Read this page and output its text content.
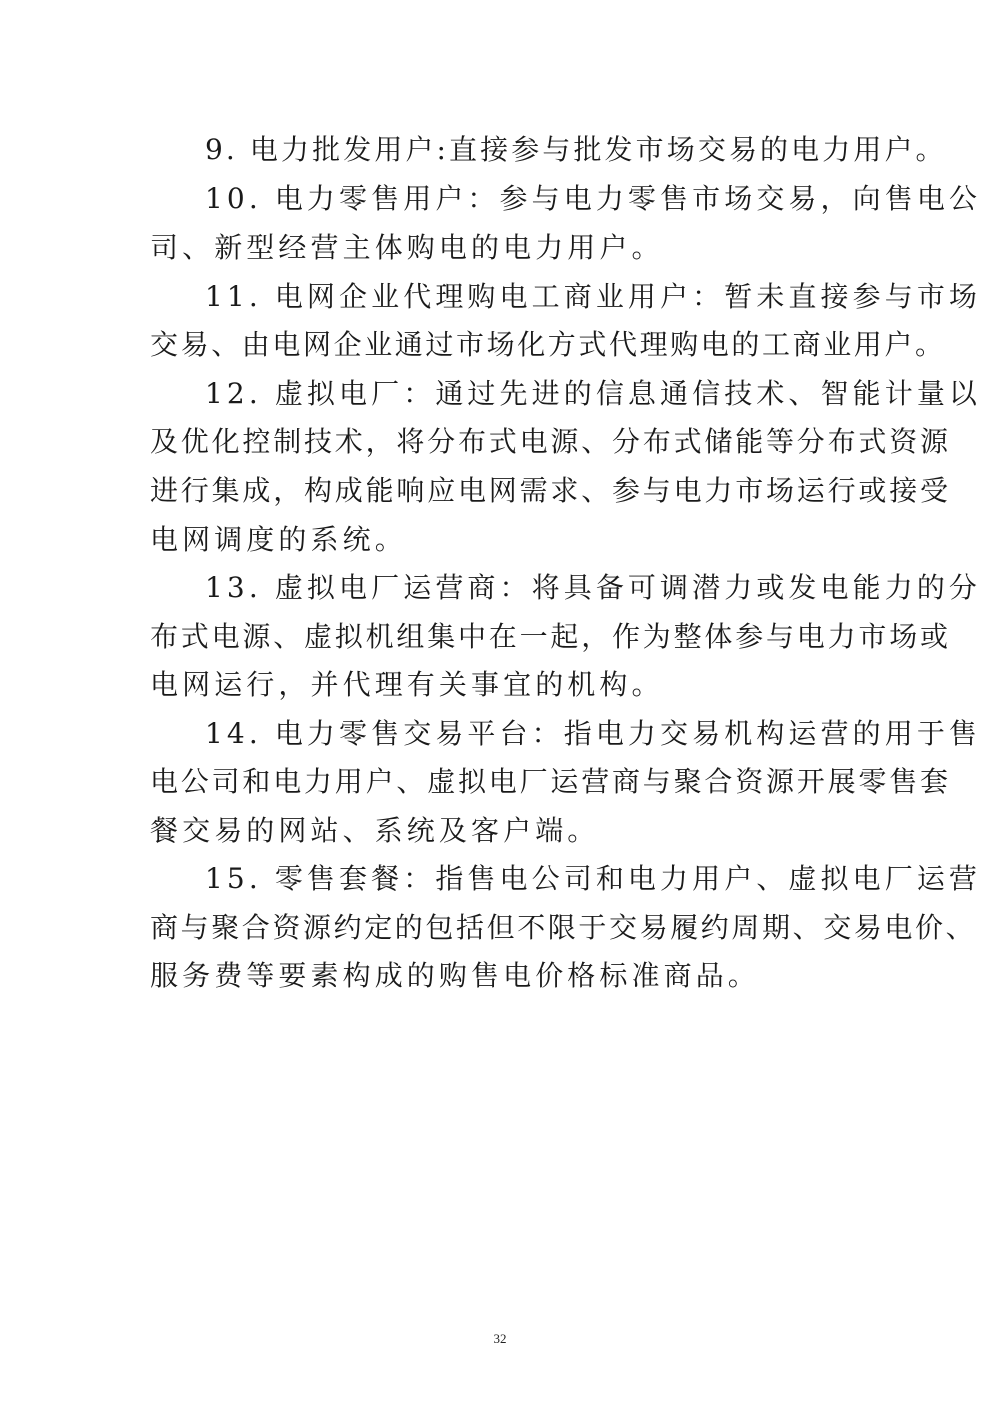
9. 电力批发用户:直接参与批发市场交易的电力用户。
10. 电力零售用户：参与电力零售市场交易，向售电公
司、新型经营主体购电的电力用户。
11. 电网企业代理购电工商业用户：暂未直接参与市场
交易、由电网企业通过市场化方式代理购电的工商业用户。
12. 虚拟电厂：通过先进的信息通信技术、智能计量以
及优化控制技术，将分布式电源、分布式储能等分布式资源
进行集成，构成能响应电网需求、参与电力市场运行或接受
电网调度的系统。
13. 虚拟电厂运营商：将具备可调潜力或发电能力的分
布式电源、虚拟机组集中在一起，作为整体参与电力市场或
电网运行，并代理有关事宜的机构。
14. 电力零售交易平台：指电力交易机构运营的用于售
电公司和电力用户、虚拟电厂运营商与聚合资源开展零售套
餐交易的网站、系统及客户端。
15. 零售套餐：指售电公司和电力用户、虚拟电厂运营
商与聚合资源约定的包括但不限于交易履约周期、交易电价、
服务费等要素构成的购售电价格标准商品。
32
